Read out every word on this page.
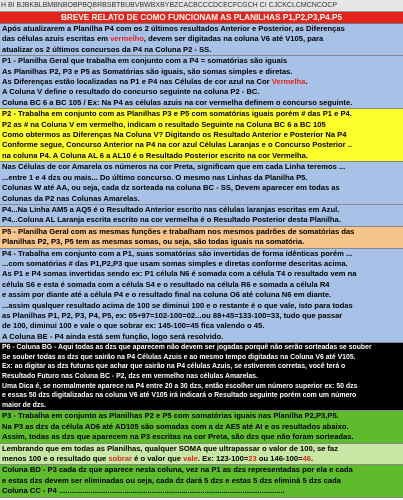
H BI BJBKBLBMBNBOBPBQBRBSBTBUBVBWBXBYBZCACBCCCDCECFCGCH CI CJCKCLCMCNCOCP
BREVE RELATO DE COMO FUNCIONAM AS PLANILHAS P1,P2,P3,P4.P5
Após atualizarem a Planilha P4 com os 2 últimos resultados Anterior e Posterior, as Diferenças
das células azuis escritas em vermelho, devem ser digitadas na coluna V6 até V105, para
atualizar os 2 últimos concursos da P4 na Coluna P2 - SS.
P1 - Planilha Geral que trabalha em conjunto com a P4 = somatórias são iguais
As Planilhas P2, P3 e P5 as Somatórias são iguais, são somas simples e diretas.
As Diferenças estão localizadas na P1 e P4 nas Células de cor azul na Cor Vermelha.
A Coluna V define o resultado do concurso seguinte na coluna P2 - BC.
Coluna BC 6 a BC 105 / Ex: Na P4 as células azuis na cor vermelha definem o concurso seguinte.
P2 - Trabalha em conjunto com as Planilhas P3 e P5 com somatórias iguais porém # das P1 e P4.
P2 as # na Coluna V em vermelho, indicam o resultado Seguinte na Coluna BC 6 a BC 105
Como obtermos as Diferenças Na Coluna V? Digitando os Resultado Anterior e Posterior Na P4
Conforme segue, Concurso Anterior na P4 na cor azul Células Laranjas e o Concurso Posterior ..
na coluna P4. A Coluna AL 6 a AL10 é o Resultado Posterior escrito na cor Vermelha.
Nas Células de cor Amarela os números na cor Preta, significam que em cada Linha teremos ...
...entre 1 e 4 dzs ou mais... Do último concurso. O mesmo nas Linhas da Planilha P5.
Colunas W até AA, ou seja, cada dz sorteada na coluna BC - SS, Devem aparecer em todas as
Colunas da P2 nas Colunas Amarelas.
P4...Na Linha AM5 a AQ5 é o Resultado Anterior escrito nas células laranjas escritas em Azul.
P4...Coluna AL Laranja escrita escrito na cor vermelha é o Resultado Posterior desta Planilha.
P5 - Planilha Geral com as mesmas funções e trabalham nos mesmos padrões de somatórias das
Planilhas P2, P3, P5 tem as mesmas somas, ou seja, são todas iguais na somatória.
P4 - Trabalha em conjunto com a P1, suas somatórias são invertidas de forma idênticas porém ...
...com somatórias # das P1,P2,P3 que usam somas simples e diretas conforme descritas acima.
As P1 e P4 somas invertidas sendo ex: P1 célula N6 é somada com a célula T4 o resultado vem na
célula S6 e esta é somada com a célula S4 e o resultado na célula R6 e somada a célula R4
e assim por diante até a célula P4 e o resultado final na coluna O6 até coluna N6 em diante.
...assim qualquer resultado acima de 100 se diminui 100 e o restante é o que vale, isto para todas
as Planilhas P1, P2, P3, P4, P5, ex: 05+97=102-100=02...ou 88+45=133-100=33, tudo que passar
de 100, diminui 100 e vale o que sobrar ex: 145-100=45 fica valendo o 45.
A Coluna BE - P4 ainda está sem função, logo será resolvido.
P6 - Coluna BG - Aqui todas as dzs que aparecem não devem ser jogadas porquê não serão sorteadas se souber
Se souber todas as dzs que sairão na P4 Células Azuis e ao mesmo tempo digitadas na Coluna V6 até V105.
Ex: ao digitar as dzs futuras que achar que sairão na P4 células Azuis, se estiverem corretas, você terá o
Resultado Futuro nas Coluna BC - P2, dzs em vermelho nas células Amarelas.
Uma Dica é, se normalmente aparece na P4 entre 20 a 30 dzs, então escolher um número superior ex: 50 dzs
e essas 50 dzs digitalizadas na coluna V6 até V105 irá indicará o Resultado seguinte porém com um número
maior de dzs.
P3 - Trabalha em conjunto as Planilhas P2 e P5 com somatórias iguais nas Planilha P2,P3,P5.
Na P3 as dzs da célula AD6 até AD105 são somadas com a dz AE5 até AI e os resultados abaixo.
Assim, todas as dzs que aparecem na P3 escritas na cor Preta, são dzs que não foram sorteadas.
Lembrando que em todas as Planilhas, qualquer SOMA que ultrapassar o valor de 100, se faz
menos 100 e o resultado que sobrar é o valor que vale. Ex: 123-100=23 ou 146-100=46.
Coluna BD - P3 cada dz que aparece nesta coluna, vez na P1 as dzs representadas por ela e cada
e estas dzs devem ser eliminadas ou seja, cada dz dará 5 dzs e estas 5 dzs eliminá 5 dzs cada
Coluna CC - P4 ...........................................................................................................
